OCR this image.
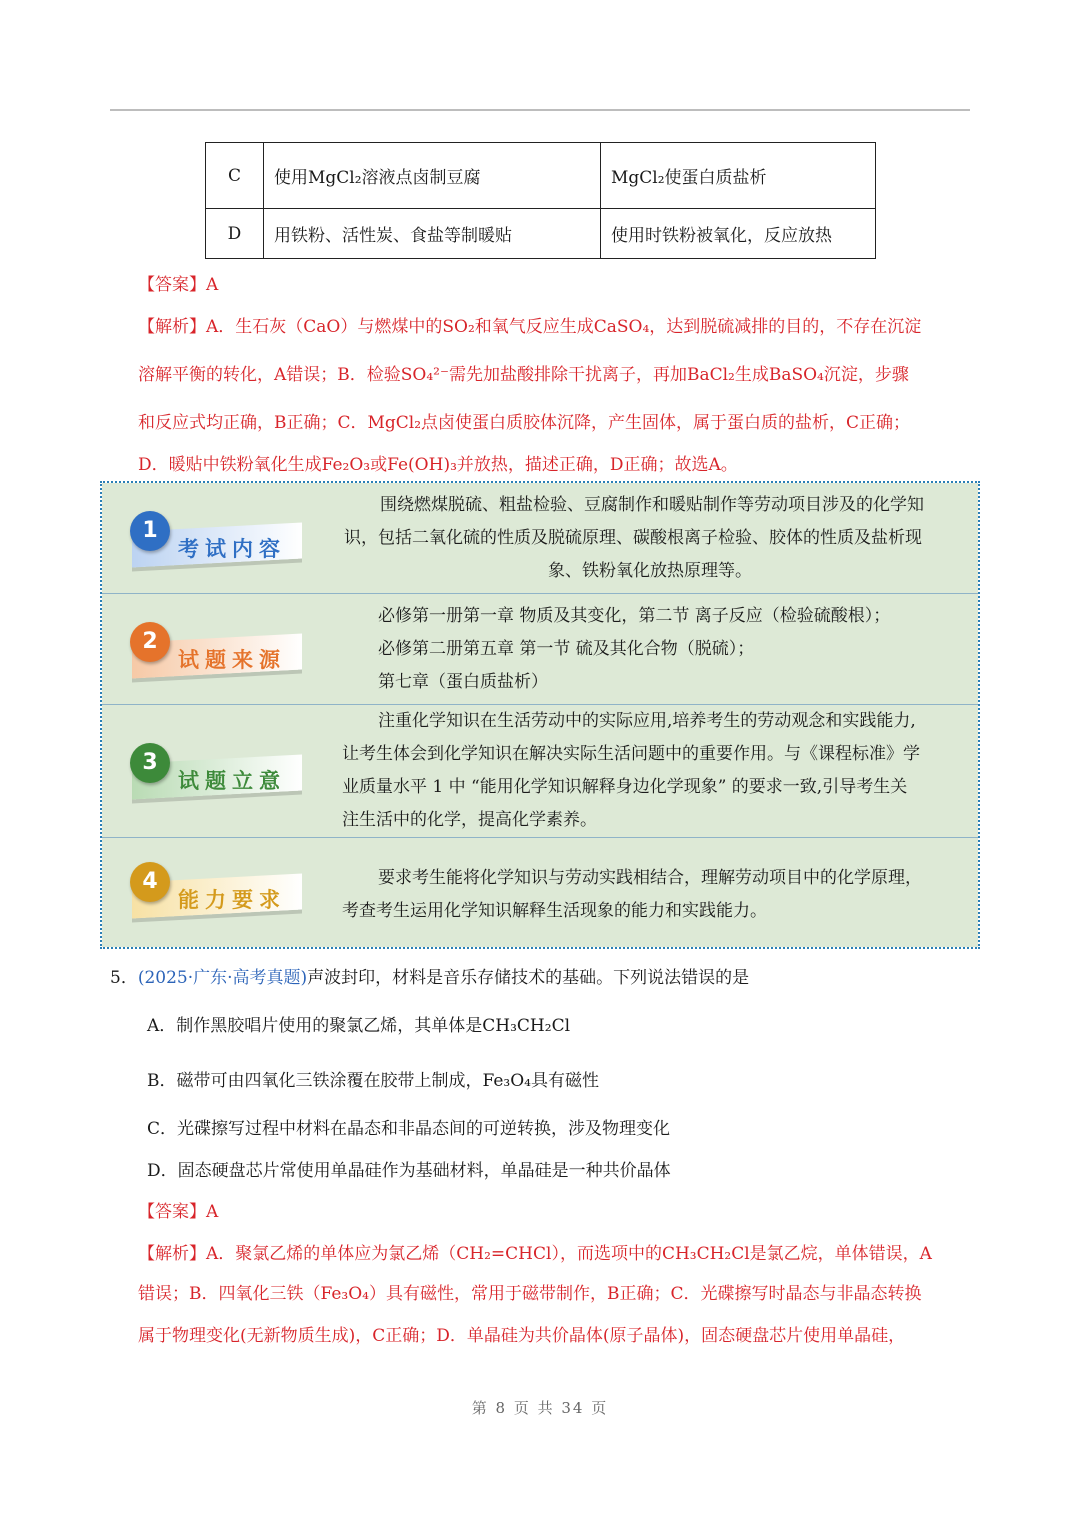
C	使用MgCl₂溶液点卤制豆腐	MgCl₂使蛋白质盐析
D	用铁粉、活性炭、食盐等制暖贴	使用时铁粉被氧化，反应放热
【答案】A
【解析】A．生石灰（CaO）与燃煤中的SO₂和氧气反应生成CaSO₄，达到脱硫减排的目的，不存在沉淀
溶解平衡的转化，A错误；B．检验SO₄²⁻需先加盐酸排除干扰离子，再加BaCl₂生成BaSO₄沉淀，步骤
和反应式均正确，B正确；C．MgCl₂点卤使蛋白质胶体沉降，产生固体，属于蛋白质的盐析，C正确；
D．暖贴中铁粉氧化生成Fe₂O₃或Fe(OH)₃并放热，描述正确，D正确；故选A。
1
考试内容
围绕燃煤脱硫、粗盐检验、豆腐制作和暖贴制作等劳动项目涉及的化学知
识，包括二氧化硫的性质及脱硫原理、碳酸根离子检验、胶体的性质及盐析现
象、铁粉氧化放热原理等。
2
试题来源
必修第一册第一章 物质及其变化，第二节 离子反应（检验硫酸根）；
必修第二册第五章 第一节 硫及其化合物（脱硫）；
第七章（蛋白质盐析）
3
试题立意
注重化学知识在生活劳动中的实际应用,培养考生的劳动观念和实践能力,
让考生体会到化学知识在解决实际生活问题中的重要作用。与《课程标准》学
业质量水平 1 中 “能用化学知识解释身边化学现象” 的要求一致,引导考生关
注生活中的化学，提高化学素养。
4
能力要求
要求考生能将化学知识与劳动实践相结合，理解劳动项目中的化学原理，
考查考生运用化学知识解释生活现象的能力和实践能力。
5．(2025·广东·高考真题)声波封印，材料是音乐存储技术的基础。下列说法错误的是
A．制作黑胶唱片使用的聚氯乙烯，其单体是CH₃CH₂Cl
B．磁带可由四氧化三铁涂覆在胶带上制成，Fe₃O₄具有磁性
C．光碟擦写过程中材料在晶态和非晶态间的可逆转换，涉及物理变化
D．固态硬盘芯片常使用单晶硅作为基础材料，单晶硅是一种共价晶体
【答案】A
【解析】A．聚氯乙烯的单体应为氯乙烯（CH₂=CHCl），而选项中的CH₃CH₂Cl是氯乙烷，单体错误，A
错误；B．四氧化三铁（Fe₃O₄）具有磁性，常用于磁带制作，B正确；C．光碟擦写时晶态与非晶态转换
属于物理变化(无新物质生成)，C正确；D．单晶硅为共价晶体(原子晶体)，固态硬盘芯片使用单晶硅，
第 8 页 共 34 页
